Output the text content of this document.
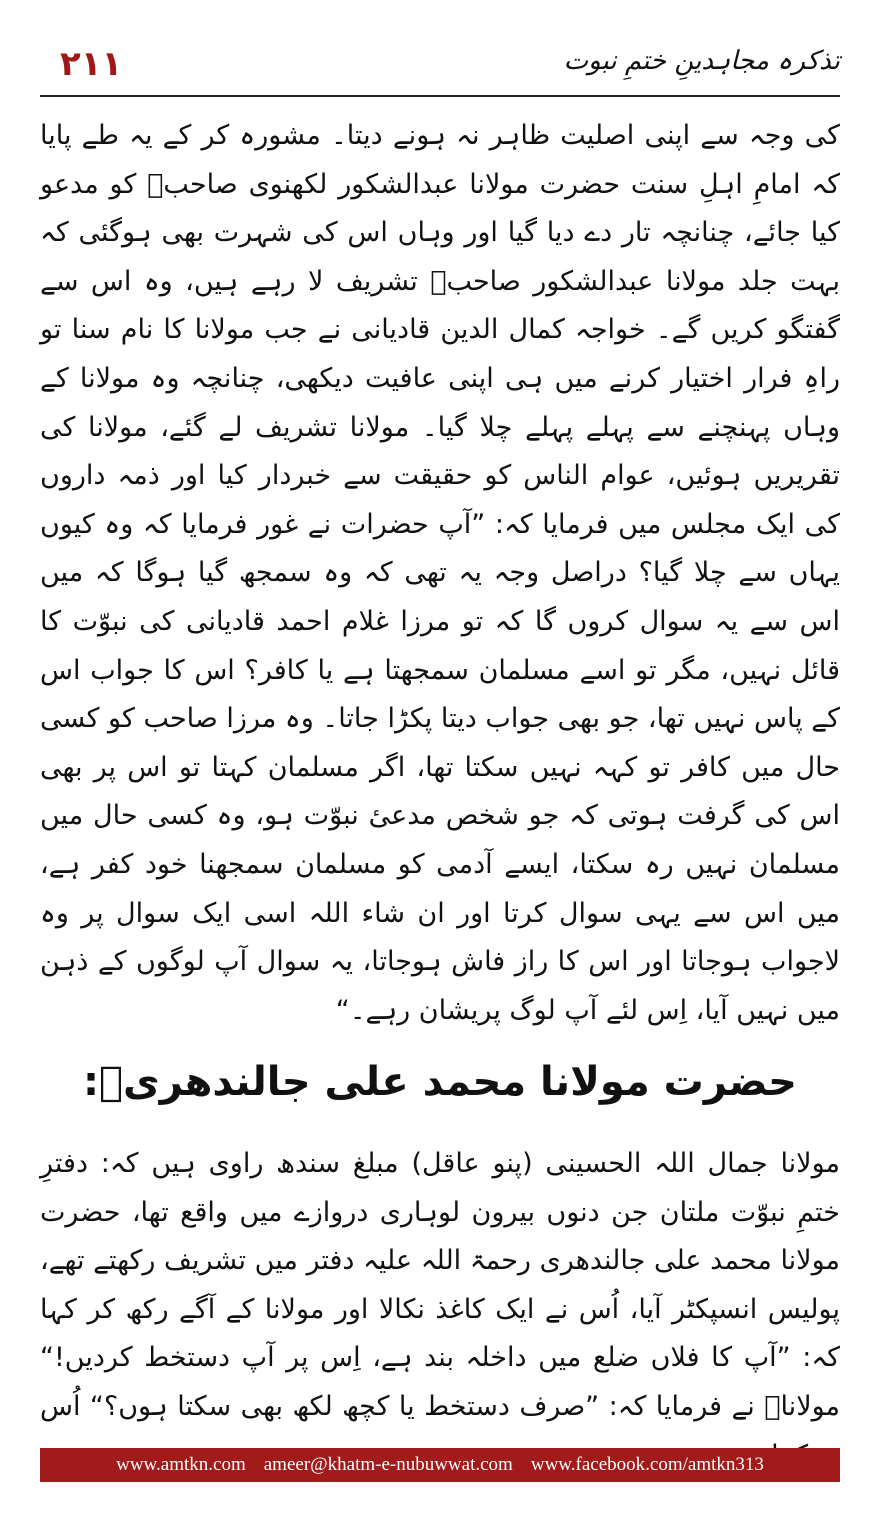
۲۱۱	تذکرہ مجاہدینِ ختمِ نبوت
کی وجہ سے اپنی اصلیت ظاہر نہ ہونے دیتا۔ مشورہ کر کے یہ طے پایا کہ امامِ اہلِ سنت حضرت مولانا عبدالشکور لکھنوی صاحبؒ کو مدعو کیا جائے، چنانچہ تار دے دیا گیا اور وہاں اس کی شہرت بھی ہوگئی کہ بہت جلد مولانا عبدالشکور صاحبؒ تشریف لا رہے ہیں، وہ اس سے گفتگو کریں گے۔ خواجہ کمال الدین قادیانی نے جب مولانا کا نام سنا تو راہِ فرار اختیار کرنے میں ہی اپنی عافیت دیکھی، چنانچہ وہ مولانا کے وہاں پہنچنے سے پہلے پہلے چلا گیا۔ مولانا تشریف لے گئے، مولانا کی تقریریں ہوئیں، عوام الناس کو حقیقت سے خبردار کیا اور ذمہ داروں کی ایک مجلس میں فرمایا کہ: ”آپ حضرات نے غور فرمایا کہ وہ کیوں یہاں سے چلا گیا؟ دراصل وجہ یہ تھی کہ وہ سمجھ گیا ہوگا کہ میں اس سے یہ سوال کروں گا کہ تو مرزا غلام احمد قادیانی کی نبوّت کا قائل نہیں، مگر تو اسے مسلمان سمجھتا ہے یا کافر؟ اس کا جواب اس کے پاس نہیں تھا، جو بھی جواب دیتا پکڑا جاتا۔ وہ مرزا صاحب کو کسی حال میں کافر تو کہہ نہیں سکتا تھا، اگر مسلمان کہتا تو اس پر بھی اس کی گرفت ہوتی کہ جو شخص مدعیٔ نبوّت ہو، وہ کسی حال میں مسلمان نہیں رہ سکتا، ایسے آدمی کو مسلمان سمجھنا خود کفر ہے، میں اس سے یہی سوال کرتا اور ان شاء اللہ اسی ایک سوال پر وہ لاجواب ہوجاتا اور اس کا راز فاش ہوجاتا، یہ سوال آپ لوگوں کے ذہن میں نہیں آیا، اِس لئے آپ لوگ پریشان رہے۔“
حضرت مولانا محمد علی جالندھریؒ:
مولانا جمال اللہ الحسینی (پنو عاقل) مبلغ سندھ راوی ہیں کہ: دفترِ ختمِ نبوّت ملتان جن دنوں بیرون لوہاری دروازے میں واقع تھا، حضرت مولانا محمد علی جالندھری رحمۃ اللہ علیہ دفتر میں تشریف رکھتے تھے، پولیس انسپکٹر آیا، اُس نے ایک کاغذ نکالا اور مولانا کے آگے رکھ کر کہا کہ: ”آپ کا فلاں ضلع میں داخلہ بند ہے، اِس پر آپ دستخط کردیں!“ مولاناؒ نے فرمایا کہ: ”صرف دستخط یا کچھ لکھ بھی سکتا ہوں؟“ اُس
www.amtkn.com ameer@khatm-e-nubuwwat.com www.facebook.com/amtkn313
